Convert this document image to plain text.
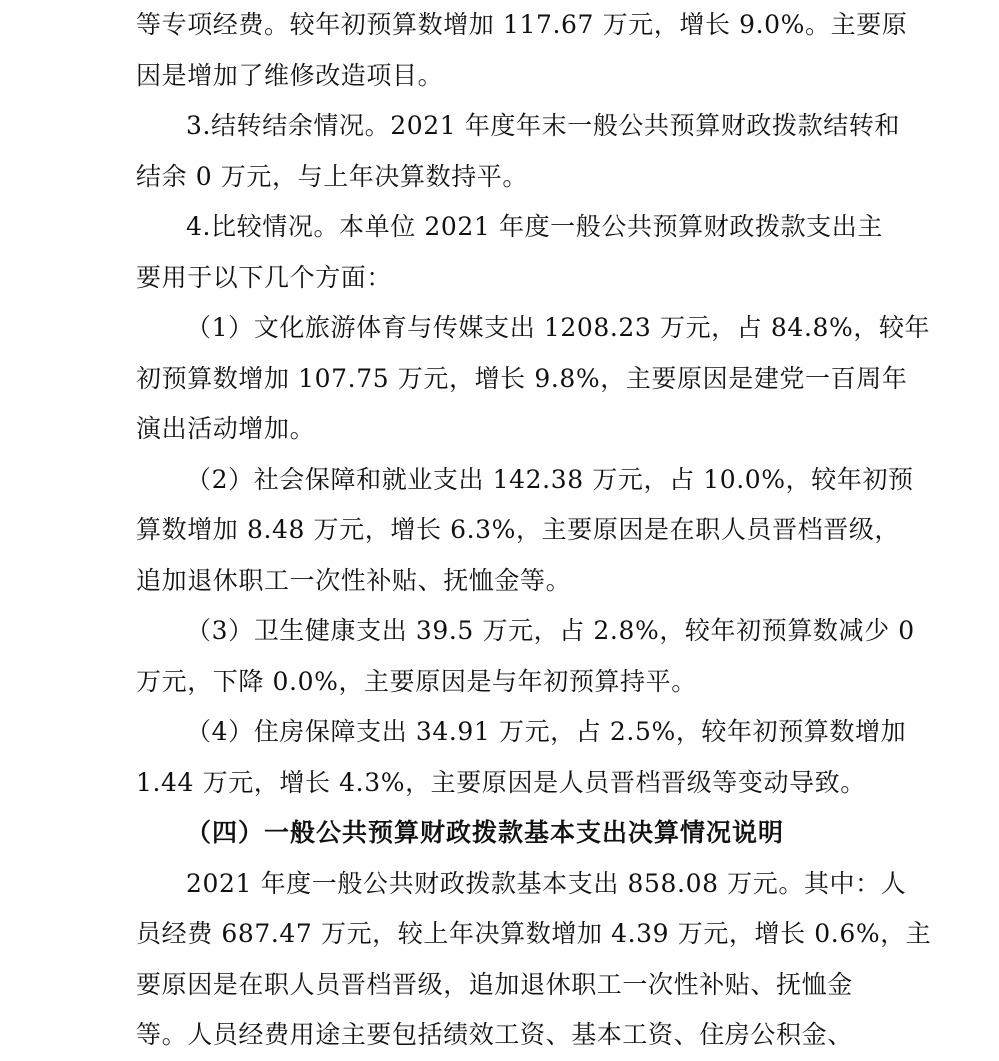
等专项经费。较年初预算数增加 117.67 万元，增长 9.0%。主要原
因是增加了维修改造项目。
3.结转结余情况。2021 年度年末一般公共预算财政拨款结转和
结余 0 万元，与上年决算数持平。
4.比较情况。本单位 2021 年度一般公共预算财政拨款支出主
要用于以下几个方面：
（1）文化旅游体育与传媒支出 1208.23 万元，占 84.8%，较年
初预算数增加 107.75 万元，增长 9.8%，主要原因是建党一百周年
演出活动增加。
（2）社会保障和就业支出 142.38 万元，占 10.0%，较年初预
算数增加 8.48 万元，增长 6.3%，主要原因是在职人员晋档晋级，
追加退休职工一次性补贴、抚恤金等。
（3）卫生健康支出 39.5 万元，占 2.8%，较年初预算数减少 0
万元，下降 0.0%，主要原因是与年初预算持平。
（4）住房保障支出 34.91 万元，占 2.5%，较年初预算数增加
1.44 万元，增长 4.3%，主要原因是人员晋档晋级等变动导致。
（四）一般公共预算财政拨款基本支出决算情况说明
2021 年度一般公共财政拨款基本支出 858.08 万元。其中：人
员经费 687.47 万元，较上年决算数增加 4.39 万元，增长 0.6%，主
要原因是在职人员晋档晋级，追加退休职工一次性补贴、抚恤金
等。人员经费用途主要包括绩效工资、基本工资、住房公积金、
